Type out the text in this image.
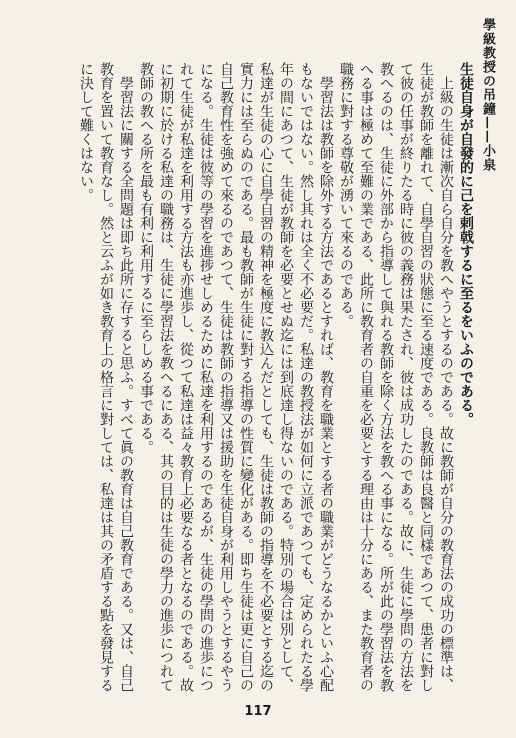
學級教授の吊鐘——小泉

生徒自身が自發的に己を剌戟するに至るをいふのである。

上級の生徒は漸次自ら自分を教へやうとするのである。故に教師が自分の教育法の成功の標準は、生徒が教師を離れて、自學自習の狀態に至る速度である。良教師は良醫と同樣であつて、患者に對して彼の任事が終りたる時に彼の義務は果たされ、彼は成功したのである。故に、生徒に學問の方法を教へるのは、生徒に外部から指導して與れる教師を除く方法を教へる事になる。所が此の學習法を教へる事は極めて至難の業である、此所に教育者の自重を必要とする理由は十分にある、また教育者の職務に對する尊敬が湧いて來るのである。

學習法は教師を除外する方法であるとすれば、教育を職業とする者の職業がどうなるかといふ心配もないではない。然し其れは全く不必要だ。私達の教授法が如何に立派であつても、定められたる學年の間にあつて、生徒が教師を必要とせぬ迄には到底達し得ないのである。特別の場合は別として、私達が生徒の心に自學自習の精神を極度に教込んだとしても、生徒は教師の指導を不必要とする迄の實力には至らぬのである。最も教師が生徒に對する指導の性質に變化がある。即ち生徒は更に自己の自己教育性を強めて來るのであつて、生徒は教師の指導又は援助を生徒自身が利用しやうとするやうになる。生徒は彼等の學習を進捗せしめるために私達を利用するのであるが、生徒の學問の進歩につれて生徒が私達を利用する方法も亦進歩し、從つて私達は益々教育上必要なる者となるのである。故に初期に於ける私達の職務は、生徒に學習法を教へるにある、其の目的は生徒の學力の進歩につれて教師の教へる所を最も有利に利用するに至らしめる事である。

學習法に關する全問題は即ち此所に存すると思ふ。すべて眞の教育は自己教育である。又は、自己教育を置いて教育なし。然と云ふが如き教育上の格言に對しては、私達は其の矛盾する點を發見するに決して難くはない。

117
